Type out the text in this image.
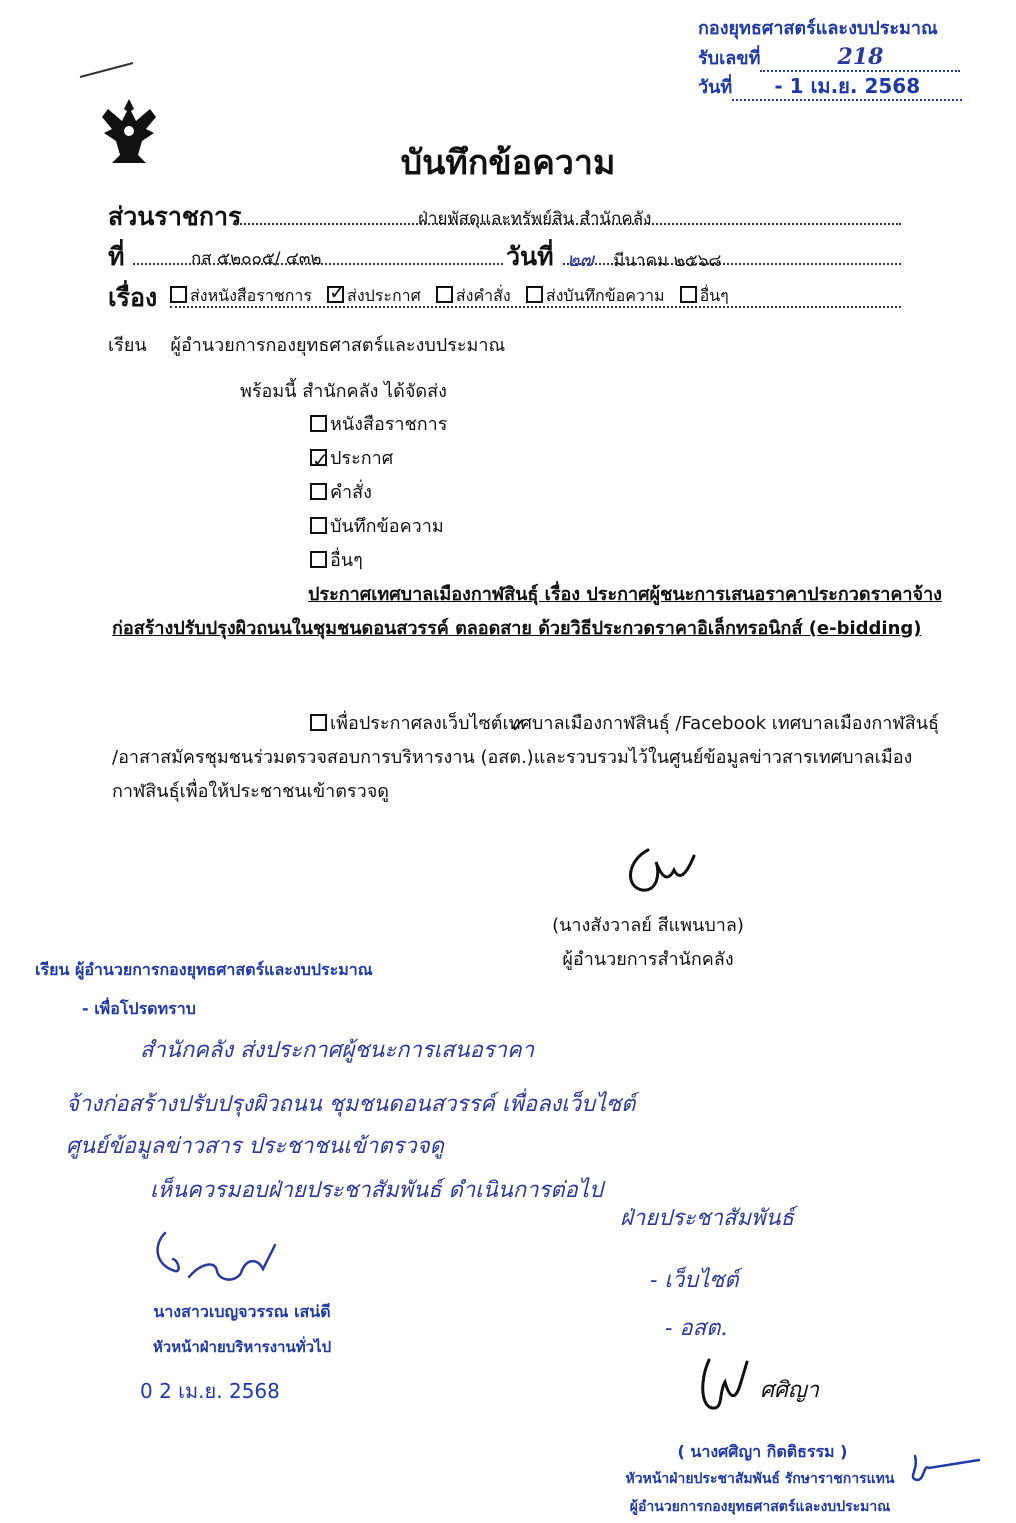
กองยุทธศาสตร์และงบประมาณ
รับเลขที่	218
วันที่ - 1 เม.ย. 2568
บันทึกข้อความ
ส่วนราชการ	ฝ่ายพัสดุและทรัพย์สิน สำนักคลัง
ที่	กส ๕๒๐๐๕/ ๔๓๒	วันที่ ๒๗ มีนาคม ๒๕๖๘
เรื่อง	ส่งหนังสือราชการ ✓ ส่งประกาศ ส่งคำสั่ง ส่งบันทึกข้อความ อื่นๆ
เรียน ผู้อำนวยการกองยุทธศาสตร์และงบประมาณ
พร้อมนี้ สำนักคลัง ได้จัดส่ง
หนังสือราชการ
✓ประกาศ
คำสั่ง
บันทึกข้อความ
อื่นๆ
ประกาศเทศบาลเมืองกาฬสินธุ์ เรื่อง ประกาศผู้ชนะการเสนอราคาประกวดราคาจ้างก่อสร้างปรับปรุงผิวถนนในชุมชนดอนสวรรค์ ตลอดสาย ด้วยวิธีประกวดราคาอิเล็กทรอนิกส์ (e-bidding)
✓เพื่อประกาศลงเว็บไซต์เทศบาลเมืองกาฬสินธุ์ /Facebook เทศบาลเมืองกาฬสินธุ์ /อาสาสมัครชุมชนร่วมตรวจสอบการบริหารงาน (อสต.)และรวบรวมไว้ในศูนย์ข้อมูลข่าวสารเทศบาลเมืองกาฬสินธุ์เพื่อให้ประชาชนเข้าตรวจดู
(นางสังวาลย์ สีแพนบาล)
ผู้อำนวยการสำนักคลัง
เรียน ผู้อำนวยการกองยุทธศาสตร์และงบประมาณ
- เพื่อโปรดทราบ
สำนักคลัง ส่งประกาศผู้ชนะการเสนอราคา
จ้างก่อสร้างปรับปรุงผิวถนน ชุมชนดอนสวรรค์ เพื่อลงเว็บไซต์
ศูนย์ข้อมูลข่าวสาร ประชาชนเข้าตรวจดู
เห็นควรมอบฝ่ายประชาสัมพันธ์ ดำเนินการต่อไป
นางสาวเบญจวรรณ เสน่ดี
หัวหน้าฝ่ายบริหารงานทั่วไป
0 2 เม.ย. 2568
ฝ่ายประชาสัมพันธ์
- เว็บไซต์
- อสต.
ศศิญา
( นางศศิญา กิตติธรรม )
หัวหน้าฝ่ายประชาสัมพันธ์ รักษาราชการแทน
ผู้อำนวยการกองยุทธศาสตร์และงบประมาณ
